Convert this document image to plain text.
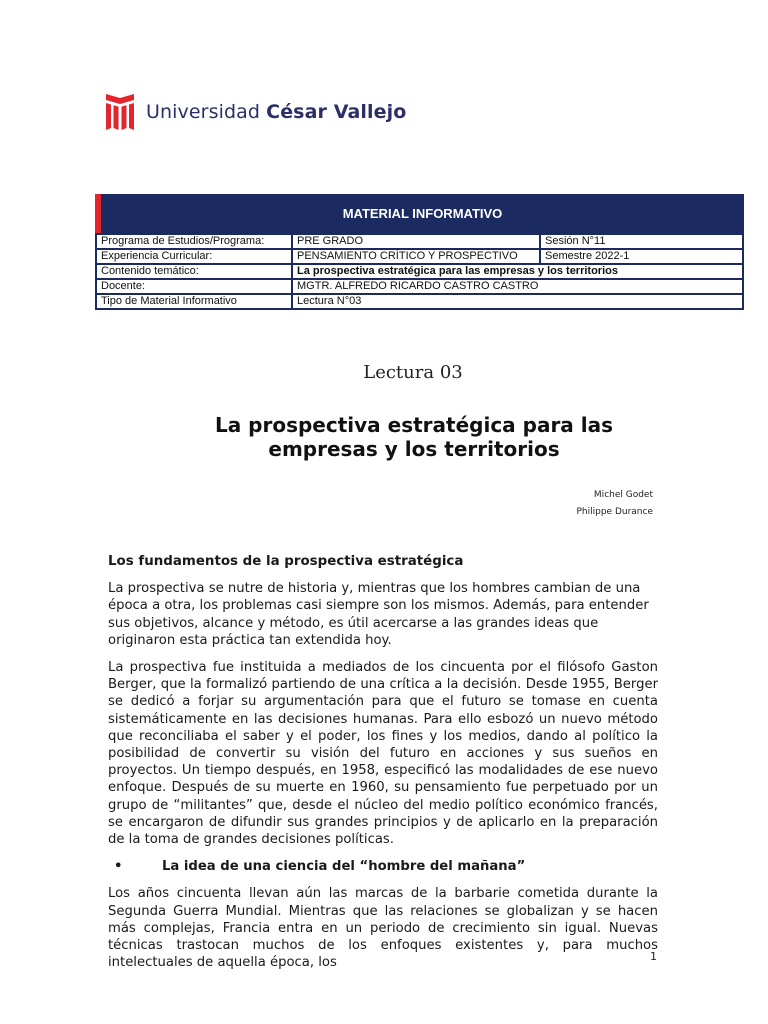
Universidad César Vallejo
MATERIAL INFORMATIVO
Programa de Estudios/Programa:	PRE GRADO	Sesión N°11
Experiencia Curricular:	PENSAMIENTO CRÍTICO Y PROSPECTIVO	Semestre 2022-1
Contenido temático:	La prospectiva estratégica para las empresas y los territorios	
Docente:	MGTR. ALFREDO RICARDO CASTRO CASTRO	
Tipo de Material Informativo	Lectura N°03	
Lectura 03
La prospectiva estratégica para las
empresas y los territorios
Michel Godet
Philippe Durance
Los fundamentos de la prospectiva estratégica

La prospectiva se nutre de historia y, mientras que los hombres cambian de una época a otra, los problemas casi siempre son los mismos. Además, para entender sus objetivos, alcance y método, es útil acercarse a las grandes ideas que originaron esta práctica tan extendida hoy.

La prospectiva fue instituida a mediados de los cincuenta por el filósofo Gaston Berger, que la formalizó partiendo de una crítica a la decisión. Desde 1955, Berger se dedicó a forjar su argumentación para que el futuro se tomase en cuenta sistemáticamente en las decisiones humanas. Para ello esbozó un nuevo método que reconciliaba el saber y el poder, los fines y los medios, dando al político la posibilidad de convertir su visión del futuro en acciones y sus sueños en proyectos. Un tiempo después, en 1958, especificó las modalidades de ese nuevo enfoque. Después de su muerte en 1960, su pensamiento fue perpetuado por un grupo de “militantes” que, desde el núcleo del medio político económico francés, se encargaron de difundir sus grandes principios y de aplicarlo en la preparación de la toma de grandes decisiones políticas.

•	La idea de una ciencia del “hombre del mañana”

Los años cincuenta llevan aún las marcas de la barbarie cometida durante la Segunda Guerra Mundial. Mientras que las relaciones se globalizan y se hacen más complejas, Francia entra en un periodo de crecimiento sin igual. Nuevas técnicas trastocan muchos de los enfoques existentes y, para muchos intelectuales de aquella época, los	1
